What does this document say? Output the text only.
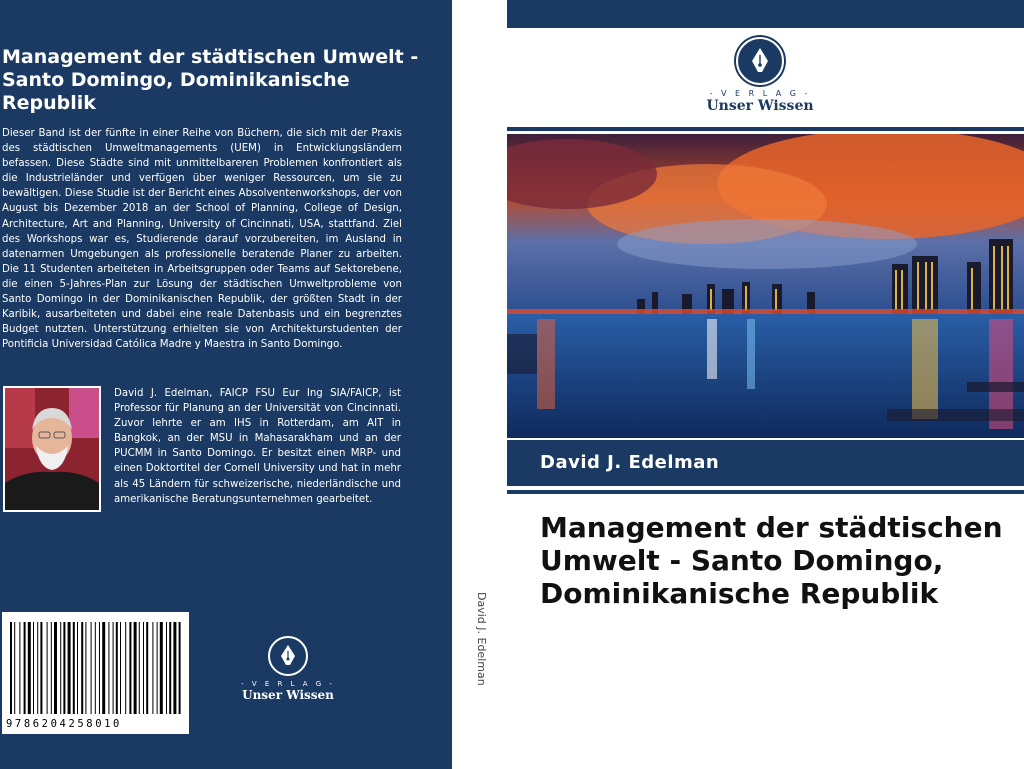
Management der städtischen Umwelt - Santo Domingo, Dominikanische Republik
Dieser Band ist der fünfte in einer Reihe von Büchern, die sich mit der Praxis des städtischen Umweltmanagements (UEM) in Entwicklungsländern befassen. Diese Städte sind mit unmittelbareren Problemen konfrontiert als die Industrieländer und verfügen über weniger Ressourcen, um sie zu bewältigen. Diese Studie ist der Bericht eines Absolventenworkshops, der von August bis Dezember 2018 an der School of Planning, College of Design, Architecture, Art and Planning, University of Cincinnati, USA, stattfand. Ziel des Workshops war es, Studierende darauf vorzubereiten, im Ausland in datenarmen Umgebungen als professionelle beratende Planer zu arbeiten. Die 11 Studenten arbeiteten in Arbeitsgruppen oder Teams auf Sektorebene, die einen 5-Jahres-Plan zur Lösung der städtischen Umweltprobleme von Santo Domingo in der Dominikanischen Republik, der größten Stadt in der Karibik, ausarbeiteten und dabei eine reale Datenbasis und ein begrenztes Budget nutzten. Unterstützung erhielten sie von Architekturstudenten der Pontificia Universidad Católica Madre y Maestra in Santo Domingo.
David J. Edelman, FAICP FSU Eur Ing SIA/FAICP, ist Professor für Planung an der Universität von Cincinnati. Zuvor lehrte er am IHS in Rotterdam, am AIT in Bangkok, an der MSU in Mahasarakham und an der PUCMM in Santo Domingo. Er besitzt einen MRP- und einen Doktortitel der Cornell University und hat in mehr als 45 Ländern für schweizerische, niederländische und amerikanische Beratungsunternehmen gearbeitet.
9786204258010
- V E R L A G -
Unser Wissen
David J. Edelman
- V E R L A G -
Unser Wissen
David J. Edelman
Management der städtischen Umwelt - Santo Domingo, Dominikanische Republik
